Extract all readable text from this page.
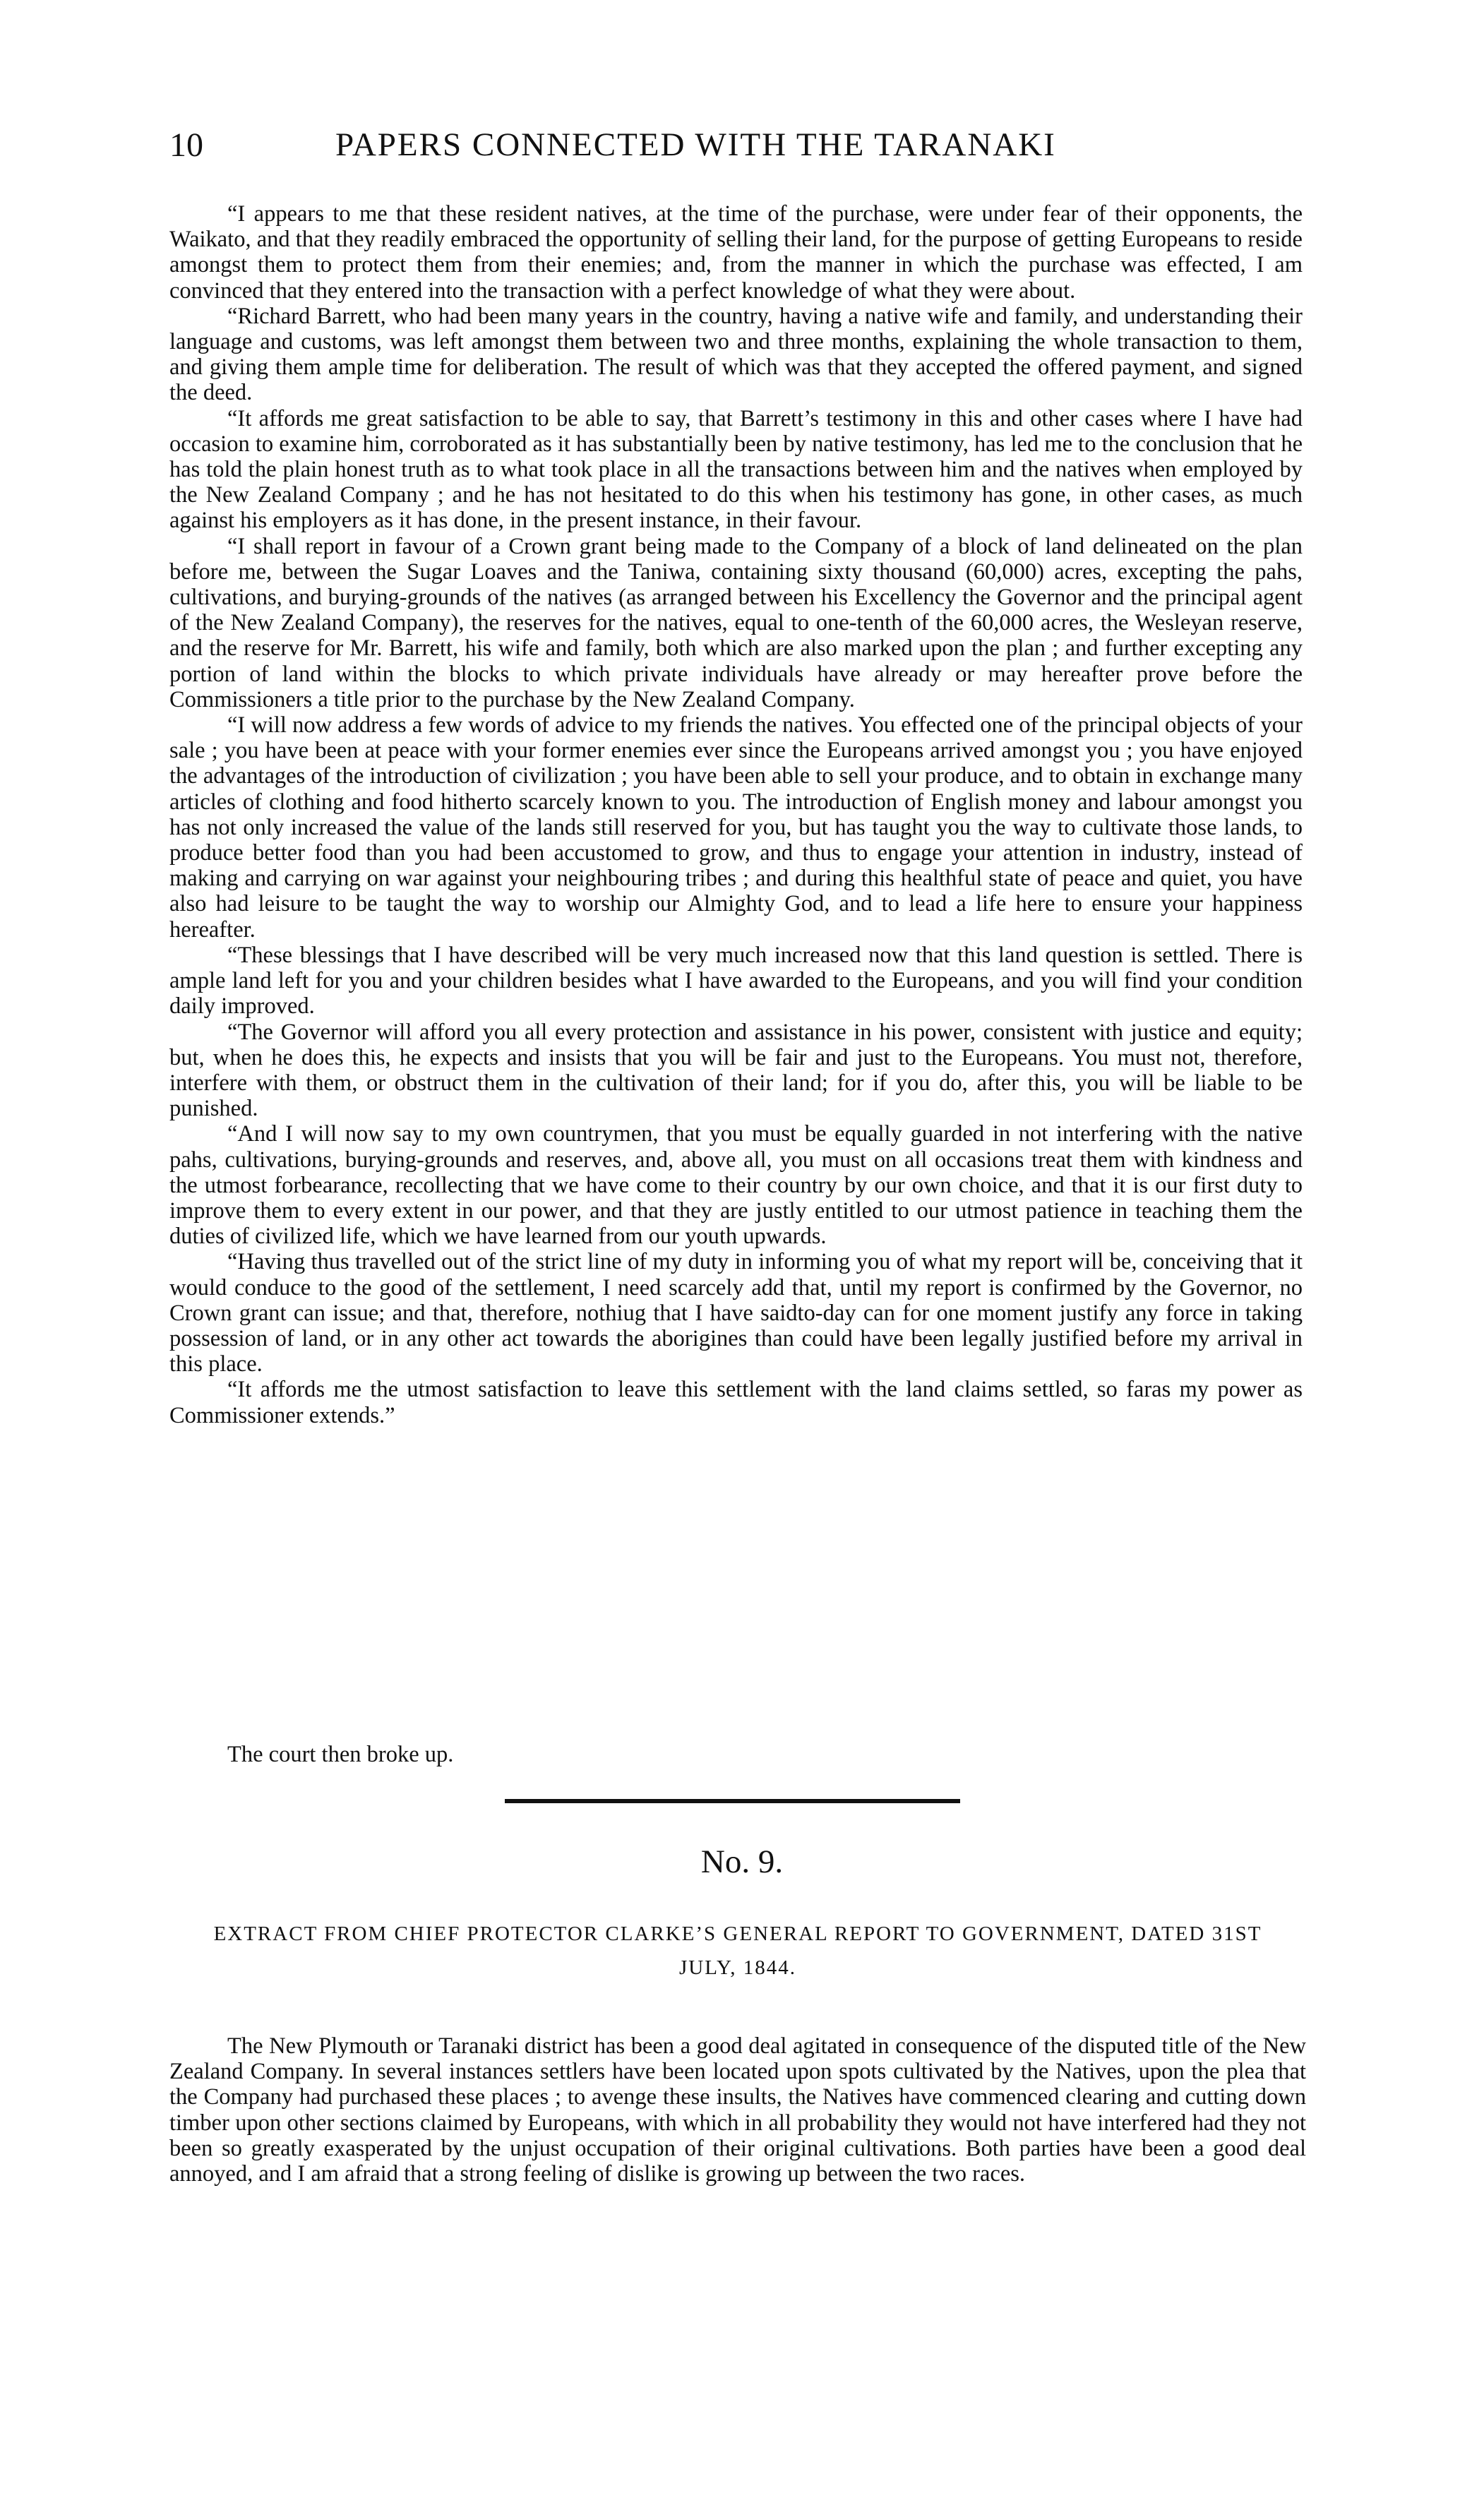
10	PAPERS CONNECTED WITH THE TARANAKI

“I appears to me that these resident natives, at the time of the purchase, were under fear of their opponents, the Waikato, and that they readily embraced the opportunity of selling their land, for the purpose of getting Europeans to reside amongst them to protect them from their enemies; and, from the manner in which the purchase was effected, I am convinced that they entered into the transaction with a perfect knowledge of what they were about.

“Richard Barrett, who had been many years in the country, having a native wife and family, and understanding their language and customs, was left amongst them between two and three months, explaining the whole transaction to them, and giving them ample time for deliberation. The result of which was that they accepted the offered payment, and signed the deed.

“It affords me great satisfaction to be able to say, that Barrett’s testimony in this and other cases where I have had occasion to examine him, corroborated as it has substantially been by native testimony, has led me to the conclusion that he has told the plain honest truth as to what took place in all the transactions between him and the natives when employed by the New Zealand Company ; and he has not hesitated to do this when his testimony has gone, in other cases, as much against his employers as it has done, in the present instance, in their favour.

“I shall report in favour of a Crown grant being made to the Company of a block of land delineated on the plan before me, between the Sugar Loaves and the Taniwa, containing sixty thousand (60,000) acres, excepting the pahs, cultivations, and burying-grounds of the natives (as arranged between his Excellency the Governor and the principal agent of the New Zealand Company), the reserves for the natives, equal to one-tenth of the 60,000 acres, the Wesleyan reserve, and the reserve for Mr. Barrett, his wife and family, both which are also marked upon the plan ; and further excepting any portion of land within the blocks to which private individuals have already or may hereafter prove before the Commissioners a title prior to the purchase by the New Zealand Company.

“I will now address a few words of advice to my friends the natives. You effected one of the principal objects of your sale ; you have been at peace with your former enemies ever since the Europeans arrived amongst you ; you have enjoyed the advantages of the introduction of civilization ; you have been able to sell your produce, and to obtain in exchange many articles of clothing and food hitherto scarcely known to you. The introduction of English money and labour amongst you has not only increased the value of the lands still reserved for you, but has taught you the way to cultivate those lands, to produce better food than you had been accustomed to grow, and thus to engage your attention in industry, instead of making and carrying on war against your neighbouring tribes ; and during this healthful state of peace and quiet, you have also had leisure to be taught the way to worship our Almighty God, and to lead a life here to ensure your happiness hereafter.

“These blessings that I have described will be very much increased now that this land question is settled. There is ample land left for you and your children besides what I have awarded to the Europeans, and you will find your condition daily improved.

“The Governor will afford you all every protection and assistance in his power, consistent with justice and equity; but, when he does this, he expects and insists that you will be fair and just to the Europeans. You must not, therefore, interfere with them, or obstruct them in the cultivation of their land; for if you do, after this, you will be liable to be punished.

“And I will now say to my own countrymen, that you must be equally guarded in not interfering with the native pahs, cultivations, burying-grounds and reserves, and, above all, you must on all occasions treat them with kindness and the utmost forbearance, recollecting that we have come to their country by our own choice, and that it is our first duty to improve them to every extent in our power, and that they are justly entitled to our utmost patience in teaching them the duties of civilized life, which we have learned from our youth upwards.

“Having thus travelled out of the strict line of my duty in informing you of what my report will be, conceiving that it would conduce to the good of the settlement, I need scarcely add that, until my report is confirmed by the Governor, no Crown grant can issue; and that, therefore, nothiug that I have saidto-day can for one moment justify any force in taking possession of land, or in any other act towards the aborigines than could have been legally justified before my arrival in this place.

“It affords me the utmost satisfaction to leave this settlement with the land claims settled, so faras my power as Commissioner extends.”

The court then broke up.
No. 9.
EXTRACT FROM CHIEF PROTECTOR CLARKE’S GENERAL REPORT TO GOVERNMENT, DATED 31ST
JULY, 1844.

The New Plymouth or Taranaki district has been a good deal agitated in consequence of the disputed title of the New Zealand Company. In several instances settlers have been located upon spots cultivated by the Natives, upon the plea that the Company had purchased these places ; to avenge these insults, the Natives have commenced clearing and cutting down timber upon other sections claimed by Europeans, with which in all probability they would not have interfered had they not been so greatly exasperated by the unjust occupation of their original cultivations. Both parties have been a good deal annoyed, and I am afraid that a strong feeling of dislike is growing up between the two races.
